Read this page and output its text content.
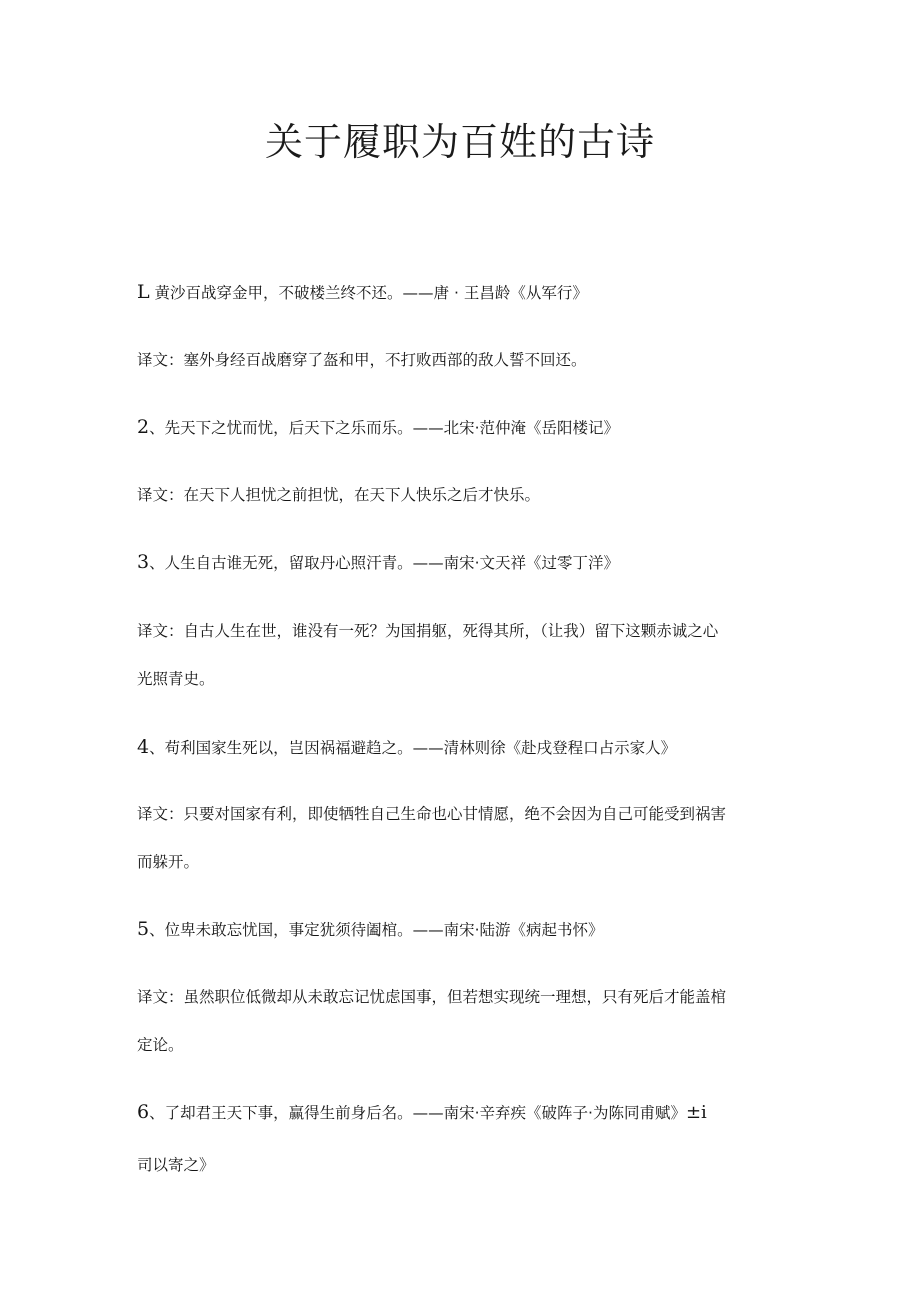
关于履职为百姓的古诗
L 黄沙百战穿金甲，不破楼兰终不还。——唐 · 王昌龄《从军行》
译文：塞外身经百战磨穿了盔和甲，不打败西部的敌人誓不回还。
2、先天下之忧而忧，后天下之乐而乐。——北宋·范仲淹《岳阳楼记》
译文：在天下人担忧之前担忧，在天下人快乐之后才快乐。
3、人生自古谁无死，留取丹心照汗青。——南宋·文天祥《过零丁洋》
译文：自古人生在世，谁没有一死？为国捐躯，死得其所，（让我）留下这颗赤诚之心
光照青史。
4、苟利国家生死以，岂因祸福避趋之。——清林则徐《赴戌登程口占示家人》
译文：只要对国家有利，即使牺牲自己生命也心甘情愿，绝不会因为自己可能受到祸害
而躲开。
5、位卑未敢忘忧国，事定犹须待阖棺。——南宋·陆游《病起书怀》
译文：虽然职位低微却从未敢忘记忧虑国事，但若想实现统一理想，只有死后才能盖棺
定论。
6、了却君王天下事，赢得生前身后名。——南宋·辛弃疾《破阵子·为陈同甫赋》±i
司以寄之》
